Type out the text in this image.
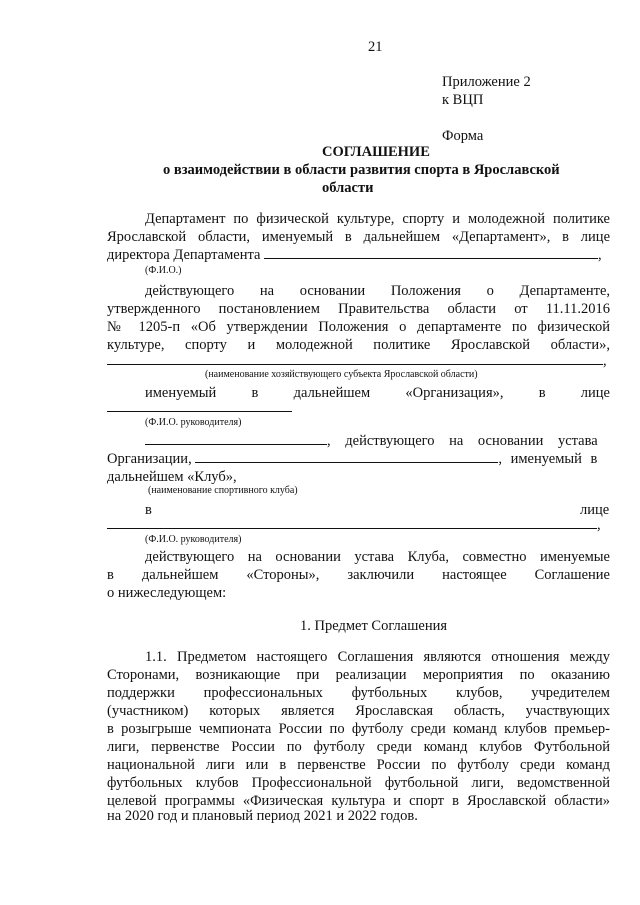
21
Приложение 2
к ВЦП
Форма
СОГЛАШЕНИЕ
о взаимодействии в области развития спорта в Ярославской
области
Департамент по физической культуре, спорту и молодежной политике
Ярославской области, именуемый в дальнейшем «Департамент», в лице
директора Департамента	,
(Ф.И.О.)
действующего на основании Положения о Департаменте,
утвержденного постановлением Правительства области от 11.11.2016
№ 1205-п «Об утверждении Положения о департаменте по физической
культуре, спорту и молодежной политике Ярославской области»,
,
(наименование хозяйствующего субъекта Ярославской области)
именуемый в дальнейшем «Организация», в лице
(Ф.И.О. руководителя)
, действующего на основании устава
Организации,	, именуемый в
дальнейшем «Клуб»,
(наименование спортивного клуба)
в	лице
,
(Ф.И.О. руководителя)
действующего на основании устава Клуба, совместно именуемые
в дальнейшем «Стороны», заключили настоящее Соглашение
о нижеследующем:
1. Предмет Соглашения
1.1. Предметом настоящего Соглашения являются отношения между
Сторонами, возникающие при реализации мероприятия по оказанию
поддержки профессиональных футбольных клубов, учредителем
(участником) которых является Ярославская область, участвующих
в розыгрыше чемпионата России по футболу среди команд клубов премьер-
лиги, первенстве России по футболу среди команд клубов Футбольной
национальной лиги или в первенстве России по футболу среди команд
футбольных клубов Профессиональной футбольной лиги, ведомственной
целевой программы «Физическая культура и спорт в Ярославской области»
на 2020 год и плановый период 2021 и 2022 годов.
